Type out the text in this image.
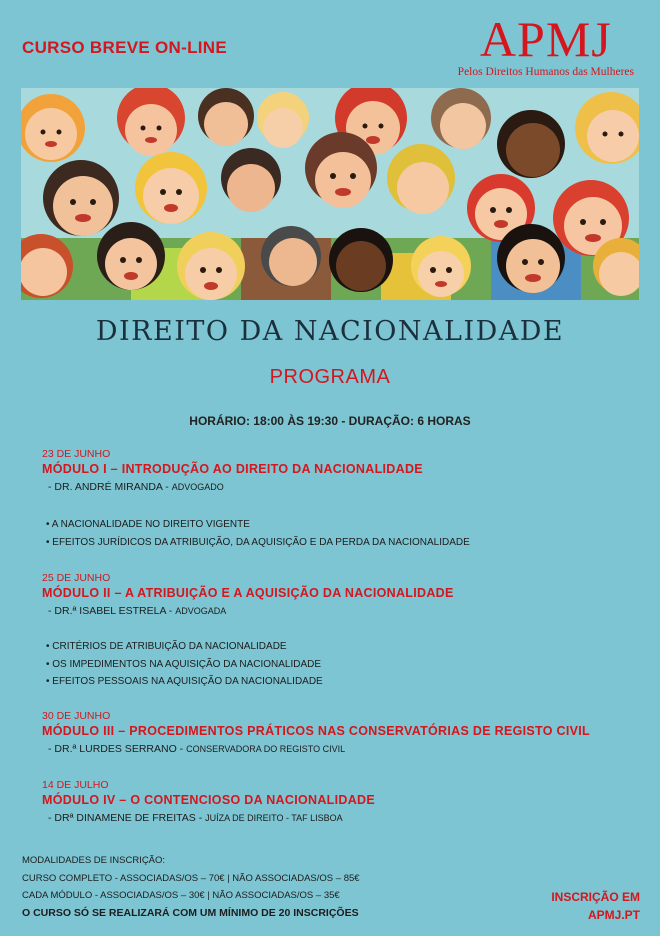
CURSO BREVE ON-LINE	APMJ
Pelos Direitos Humanos das Mulheres
DIREITO DA NACIONALIDADE
PROGRAMA
HORÁRIO: 18:00 ÀS 19:30 - DURAÇÃO: 6 HORAS
23 DE JUNHO
MÓDULO I – INTRODUÇÃO AO DIREITO DA NACIONALIDADE
- DR. ANDRÉ MIRANDA - ADVOGADO
• A NACIONALIDADE NO DIREITO VIGENTE
• EFEITOS JURÍDICOS DA ATRIBUIÇÃO, DA AQUISIÇÃO E DA PERDA DA NACIONALIDADE
25 DE JUNHO
MÓDULO II – A ATRIBUIÇÃO E A AQUISIÇÃO DA NACIONALIDADE
- DR.ª ISABEL ESTRELA - ADVOGADA
• CRITÉRIOS DE ATRIBUIÇÃO DA NACIONALIDADE
• OS IMPEDIMENTOS NA AQUISIÇÃO DA NACIONALIDADE
• EFEITOS PESSOAIS NA AQUISIÇÃO DA NACIONALIDADE
30 DE JUNHO
MÓDULO III – PROCEDIMENTOS PRÁTICOS NAS CONSERVATÓRIAS DE REGISTO CIVIL
- DR.ª LURDES SERRANO - CONSERVADORA DO REGISTO CIVIL
14 DE JULHO
MÓDULO IV – O CONTENCIOSO DA NACIONALIDADE
- DRª DINAMENE DE FREITAS - JUÍZA DE DIREITO - TAF LISBOA
MODALIDADES DE INSCRIÇÃO:
CURSO COMPLETO - ASSOCIADAS/OS – 70€ | NÃO ASSOCIADAS/OS – 85€
CADA MÓDULO - ASSOCIADAS/OS – 30€ | NÃO ASSOCIADAS/OS – 35€
O CURSO SÓ SE REALIZARÁ COM UM MÍNIMO DE 20 INSCRIÇÕES
INSCRIÇÃO EM
APMJ.PT
